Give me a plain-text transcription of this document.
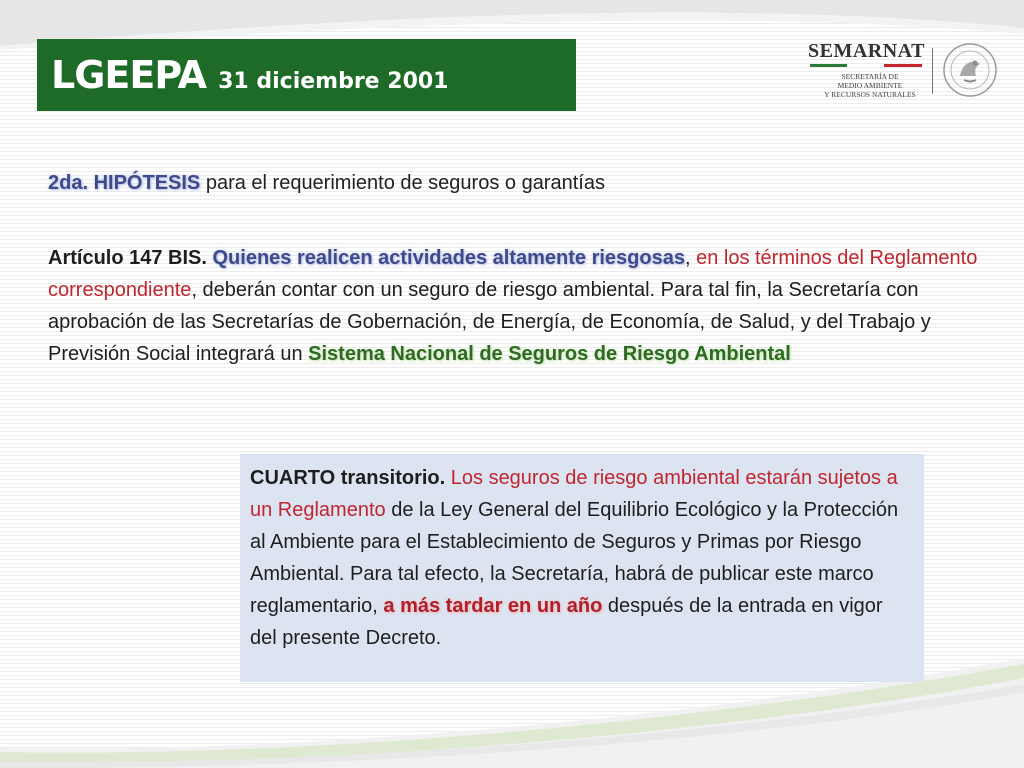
LGEEPA 31 diciembre 2001
SEMARNAT
SECRETARÍA DE
MEDIO AMBIENTE
Y RECURSOS NATURALES
2da. HIPÓTESIS para el requerimiento de seguros o garantías
Artículo 147 BIS. Quienes realicen actividades altamente riesgosas, en los términos del Reglamento correspondiente, deberán contar con un seguro de riesgo ambiental. Para tal fin, la Secretaría con aprobación de las Secretarías de Gobernación, de Energía, de Economía, de Salud, y del Trabajo y Previsión Social integrará un Sistema Nacional de Seguros de Riesgo Ambiental
CUARTO transitorio. Los seguros de riesgo ambiental estarán sujetos a un Reglamento de la Ley General del Equilibrio Ecológico y la Protección al Ambiente para el Establecimiento de Seguros y Primas por Riesgo Ambiental. Para tal efecto, la Secretaría, habrá de publicar este marco reglamentario, a más tardar en un año después de la entrada en vigor del presente Decreto.
